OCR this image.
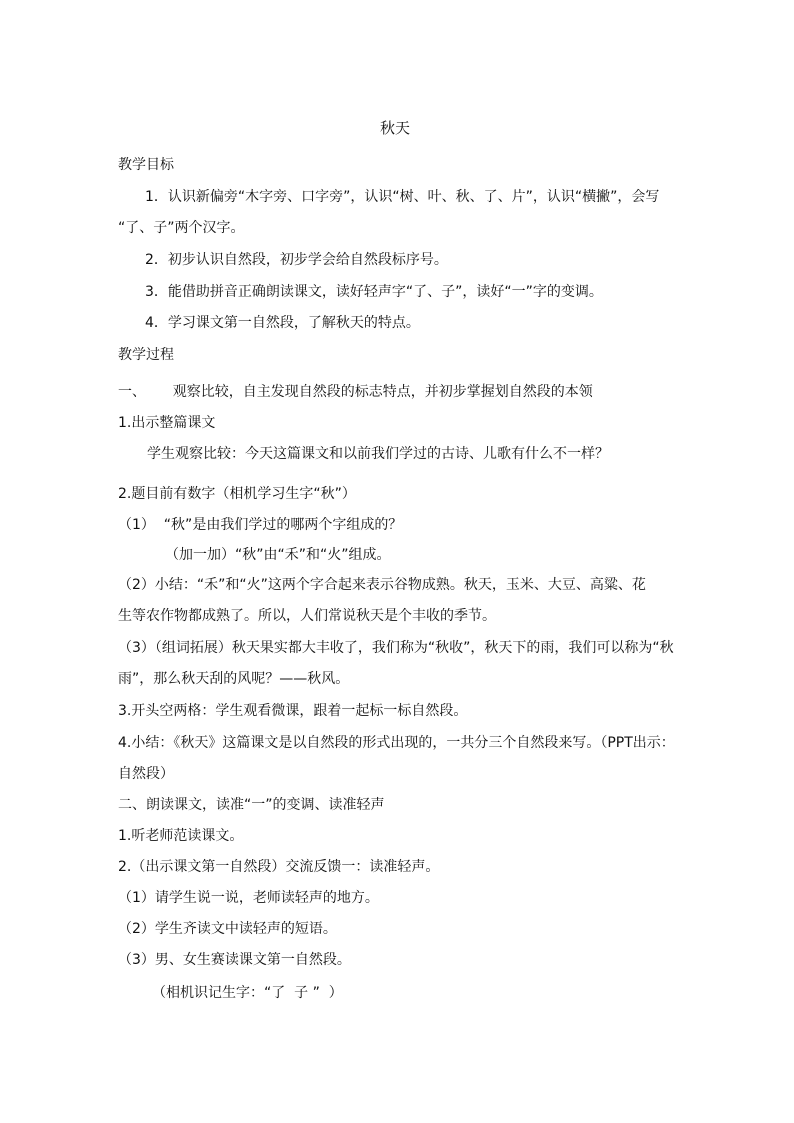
秋天
教学目标
1．认识新偏旁“木字旁、口字旁”，认识“树、叶、秋、了、片”，认识“横撇”，会写
“了、子”两个汉字。
2．初步认识自然段，初步学会给自然段标序号。
3．能借助拼音正确朗读课文，读好轻声字“了、子”，读好“一”字的变调。
4．学习课文第一自然段，了解秋天的特点。
教学过程
一、      观察比较，自主发现自然段的标志特点，并初步掌握划自然段的本领
1.出示整篇课文
学生观察比较：今天这篇课文和以前我们学过的古诗、儿歌有什么不一样？
2.题目前有数字（相机学习生字“秋”）
（1）  “秋”是由我们学过的哪两个字组成的？
（加一加）“秋”由“禾”和“火”组成。
（2）小结：“禾”和“火”这两个字合起来表示谷物成熟。秋天，玉米、大豆、高粱、花
生等农作物都成熟了。所以，人们常说秋天是个丰收的季节。
（3）（组词拓展）秋天果实都大丰收了，我们称为“秋收”，秋天下的雨，我们可以称为“秋
雨”，那么秋天刮的风呢？——秋风。
3.开头空两格：学生观看微课，跟着一起标一标自然段。
4.小结：《秋天》这篇课文是以自然段的形式出现的，一共分三个自然段来写。（PPT出示：
自然段）
二、朗读课文，读准“一”的变调、读准轻声
1.听老师范读课文。
2.（出示课文第一自然段）交流反馈一：读准轻声。
（1）请学生说一说，老师读轻声的地方。
（2）学生齐读文中读轻声的短语。
（3）男、女生赛读课文第一自然段。
（相机识记生字：“了  子 ”  ）
